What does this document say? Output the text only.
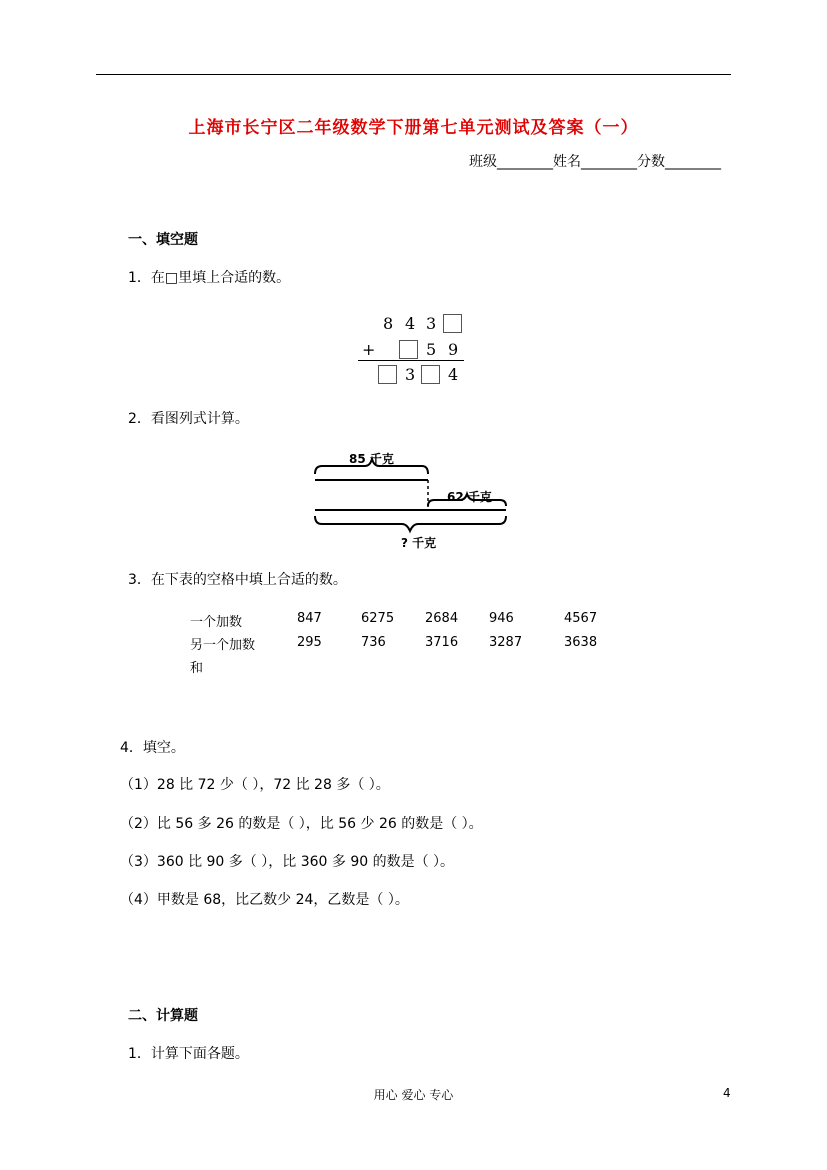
上海市长宁区二年级数学下册第七单元测试及答案（一）
班级________姓名________分数________
一、填空题
1．在□里填上合适的数。
8 4 3
+	5 9
3 4
2．看图列式计算。
85 千克
62 千克
? 千克
3．在下表的空格中填上合适的数。
一个加数	847	6275 2684 946	4567
另一个加数	295	736	3716 3287	3638
和
4．填空。
（1）28 比 72 少（ ），72 比 28 多（ ）。
（2）比 56 多 26 的数是（ ），比 56 少 26 的数是（ ）。
（3）360 比 90 多（ ），比 360 多 90 的数是（ ）。
（4）甲数是 68，比乙数少 24，乙数是（ ）。
二、计算题
1．计算下面各题。
用心 爱心 专心	4
